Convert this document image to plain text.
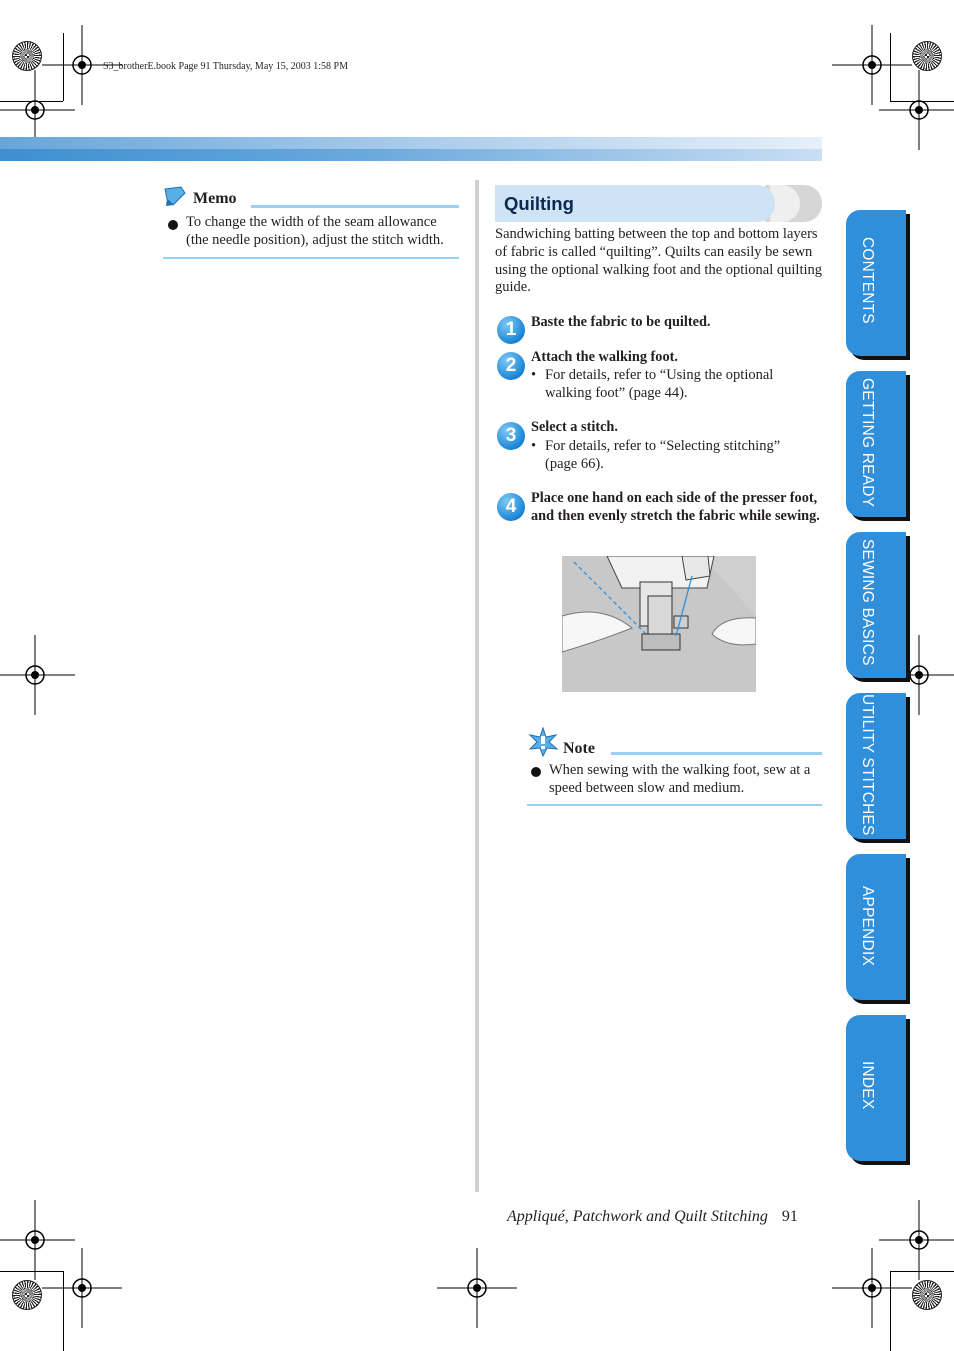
S3_brotherE.book Page 91 Thursday, May 15, 2003 1:58 PM
Memo
To change the width of the seam allowance (the needle position), adjust the stitch width.
Quilting
Sandwiching batting between the top and bottom layers of fabric is called “quilting”. Quilts can easily be sewn using the optional walking foot and the optional quilting guide.
1	Baste the fabric to be quilted.
2	Attach the walking foot.
• For details, refer to “Using the optional walking foot” (page 44).
3	Select a stitch.
• For details, refer to “Selecting stitching” (page 66).
4	Place one hand on each side of the presser foot, and then evenly stretch the fabric while sewing.
Note
When sewing with the walking foot, sew at a speed between slow and medium.
CONTENTS
GETTING READY
SEWING BASICS
UTILITY STITCHES
APPENDIX
INDEX
Appliqué, Patchwork and Quilt Stitching 91
